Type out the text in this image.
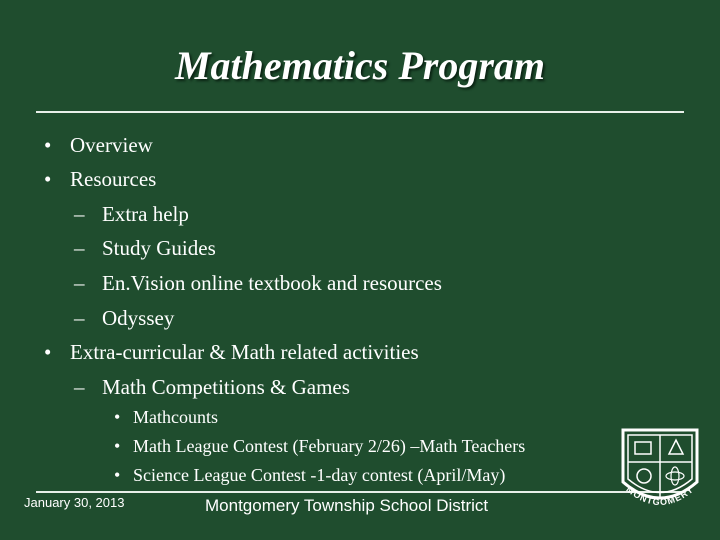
Mathematics Program
• Overview
• Resources
– Extra help
– Study Guides
– En.Vision online textbook and resources
– Odyssey
• Extra-curricular & Math related activities
– Math Competitions & Games
• Mathcounts
• Math League Contest (February 2/26) –Math Teachers
• Science League Contest -1-day contest (April/May)
January 30, 2013	Montgomery Township School District
MONTGOMERY
